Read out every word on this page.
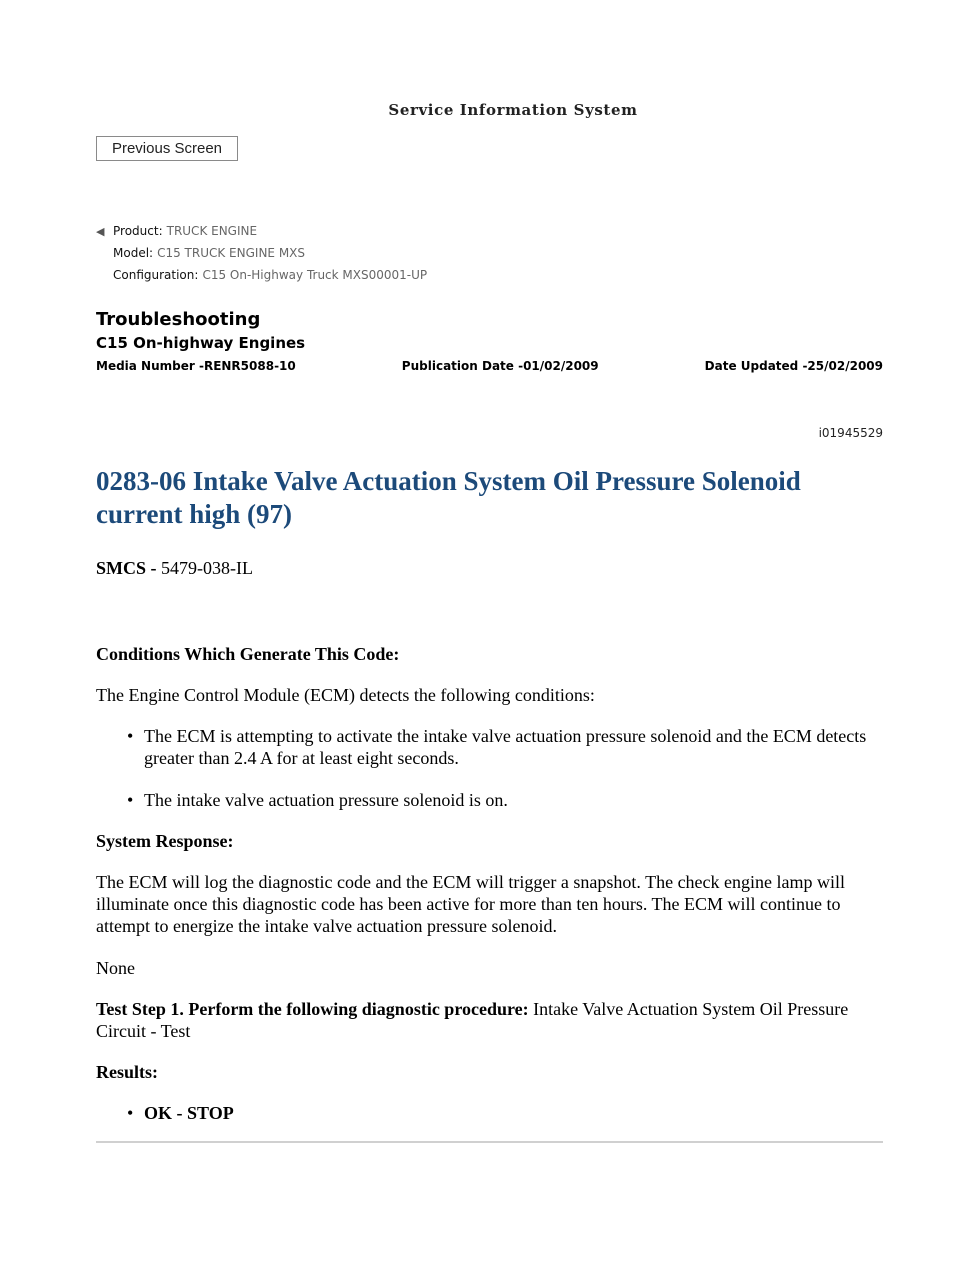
Service Information System
Previous Screen
◀ Product: TRUCK ENGINE
Model: C15 TRUCK ENGINE MXS
Configuration: C15 On-Highway Truck MXS00001-UP
Troubleshooting
C15 On-highway Engines
Media Number -RENR5088-10	Publication Date -01/02/2009	Date Updated -25/02/2009
i01945529
0283-06 Intake Valve Actuation System Oil Pressure Solenoid current high (97)
SMCS - 5479-038-IL
Conditions Which Generate This Code:

The Engine Control Module (ECM) detects the following conditions:

• The ECM is attempting to activate the intake valve actuation pressure solenoid and the ECM detects greater than 2.4 A for at least eight seconds.
• The intake valve actuation pressure solenoid is on.
System Response:

The ECM will log the diagnostic code and the ECM will trigger a snapshot. The check engine lamp will illuminate once this diagnostic code has been active for more than ten hours. The ECM will continue to attempt to energize the intake valve actuation pressure solenoid.

None

Test Step 1. Perform the following diagnostic procedure: Intake Valve Actuation System Oil Pressure Circuit - Test

Results:
• OK - STOP
